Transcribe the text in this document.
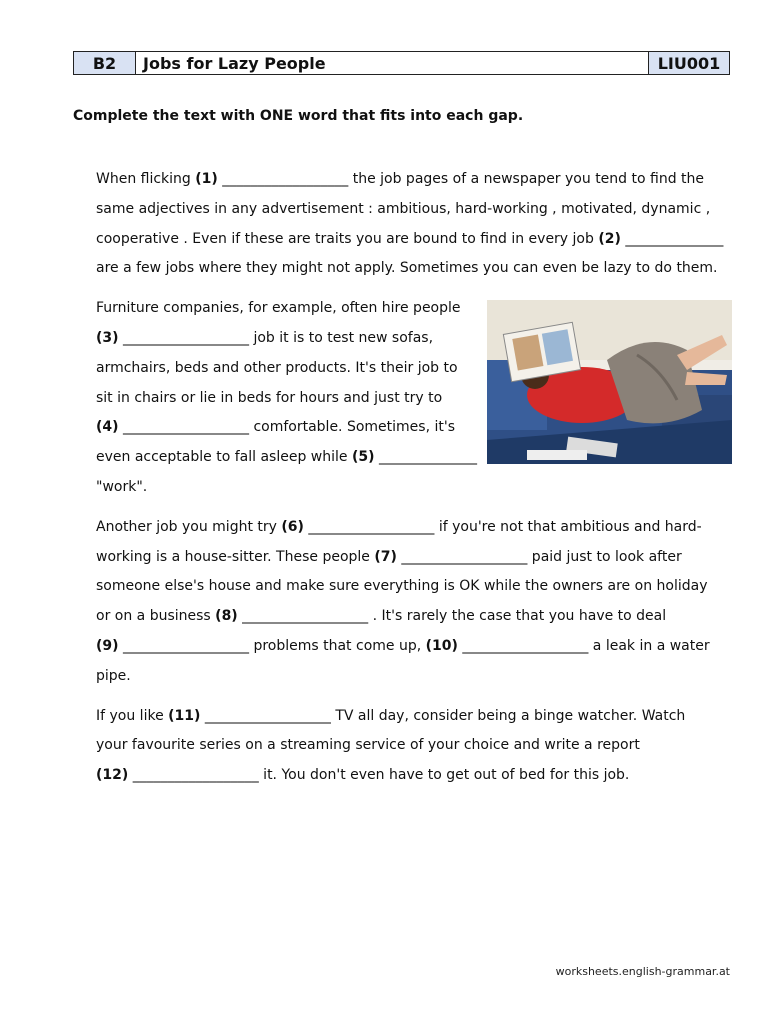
B2	Jobs for Lazy People	LIU001

Complete the text with ONE word that fits into each gap.

When flicking (1) __________________ the job pages of a newspaper you tend to find the
same adjectives in any advertisement : ambitious, hard-working , motivated, dynamic ,
cooperative . Even if these are traits you are bound to find in every job (2) ______________
are a few jobs where they might not apply. Sometimes you can even be lazy to do them.
Furniture companies, for example, often hire people
(3) __________________ job it is to test new sofas,
armchairs, beds and other products. It's their job to
sit in chairs or lie in beds for hours and just try to
(4) __________________ comfortable. Sometimes, it's
even acceptable to fall asleep while (5) ______________
"work".
Another job you might try (6) __________________ if you're not that ambitious and hard-
working is a house-sitter. These people (7) __________________ paid just to look after
someone else's house and make sure everything is OK while the owners are on holiday
or on a business (8) __________________ . It's rarely the case that you have to deal
(9) __________________ problems that come up, (10) __________________ a leak in a water
pipe.
If you like (11) __________________ TV all day, consider being a binge watcher. Watch
your favourite series on a streaming service of your choice and write a report
(12) __________________ it. You don't even have to get out of bed for this job.
worksheets.english-grammar.at
